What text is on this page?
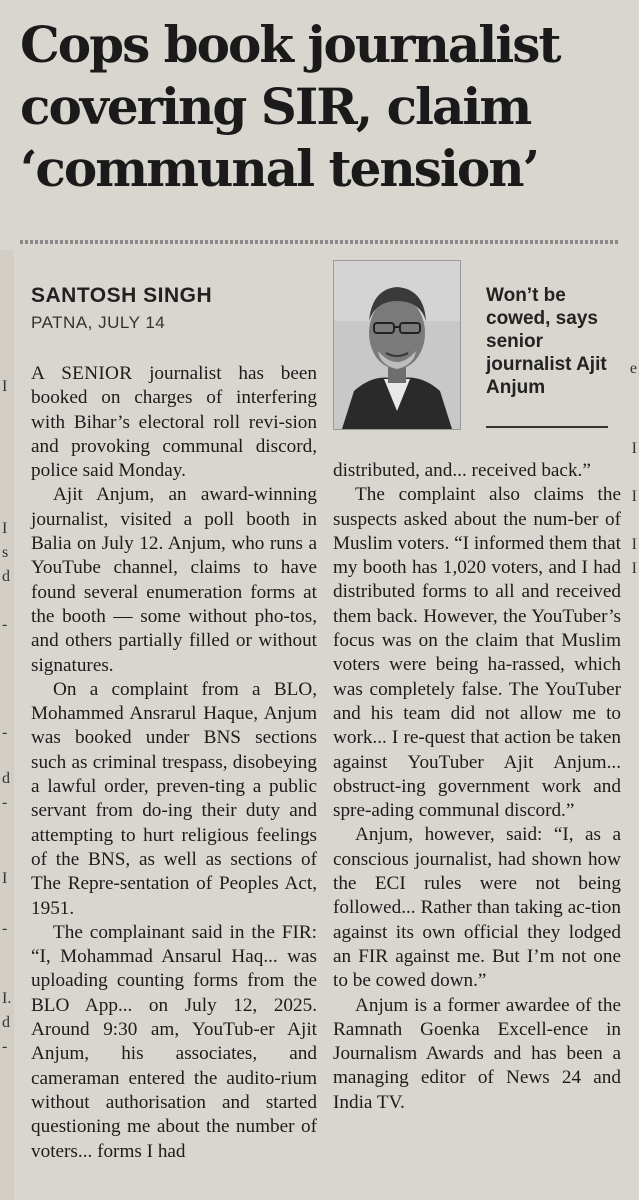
I
I
s
d
-
-
d
-
I
-
I.
d
-
e
I
I
I
I
Cops book journalist covering SIR, claim ‘communal tension’
SANTOSH SINGH
PATNA, JULY 14
Won’t be cowed, says senior journalist Ajit Anjum

A SENIOR journalist has been booked on charges of interfering with Bihar’s electoral roll revi-sion and provoking communal discord, police said Monday.

Ajit Anjum, an award-winning journalist, visited a poll booth in Balia on July 12. Anjum, who runs a YouTube channel, claims to have found several enumeration forms at the booth — some without pho-tos, and others partially filled or without signatures.

On a complaint from a BLO, Mohammed Ansrarul Haque, Anjum was booked under BNS sections such as criminal trespass, disobeying a lawful order, preven-ting a public servant from do-ing their duty and attempting to hurt religious feelings of the BNS, as well as sections of The Repre-sentation of Peoples Act, 1951.

The complainant said in the FIR: “I, Mohammad Ansarul Haq... was uploading counting forms from the BLO App... on July 12, 2025. Around 9:30 am, YouTub-er Ajit Anjum, his associates, and cameraman entered the audito-rium without authorisation and started questioning me about the number of voters... forms I had

distributed, and... received back.”

The complaint also claims the suspects asked about the num-ber of Muslim voters. “I informed them that my booth has 1,020 voters, and I had distributed forms to all and received them back. However, the YouTuber’s focus was on the claim that Muslim voters were being ha-rassed, which was completely false. The YouTuber and his team did not allow me to work... I re-quest that action be taken against YouTuber Ajit Anjum... obstruct-ing government work and spre-ading communal discord.”

Anjum, however, said: “I, as a conscious journalist, had shown how the ECI rules were not being followed... Rather than taking ac-tion against its own official they lodged an FIR against me. But I’m not one to be cowed down.”

Anjum is a former awardee of the Ramnath Goenka Excell-ence in Journalism Awards and has been a managing editor of News 24 and India TV.
